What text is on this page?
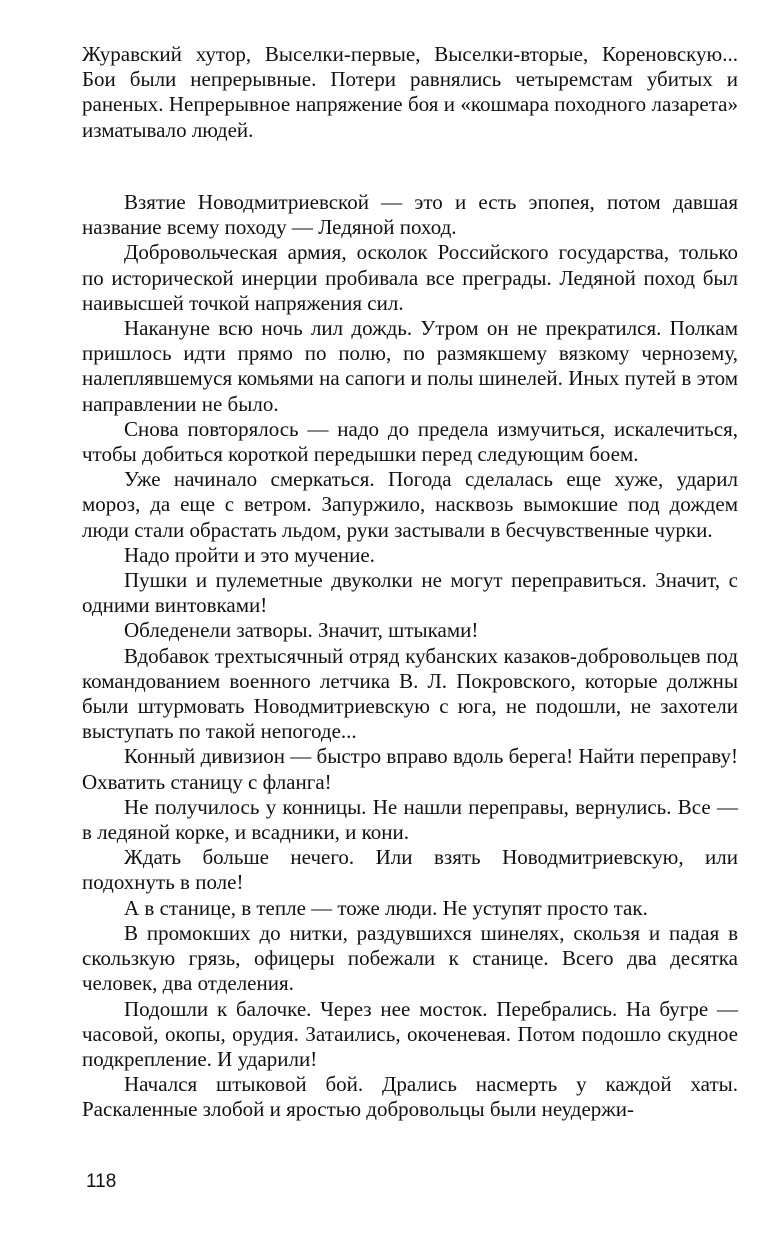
Журавский хутор, Выселки-первые, Выселки-вторые, Кореновскую... Бои были непрерывные. Потери равнялись четыремстам убитых и раненых. Непрерывное напряжение боя и «кошмара походного лазарета» изматывало людей.

Взятие Новодмитриевской — это и есть эпопея, потом давшая название всему походу — Ледяной поход.

Добровольческая армия, осколок Российского государства, только по исторической инерции пробивала все преграды. Ледяной поход был наивысшей точкой напряжения сил.

Накануне всю ночь лил дождь. Утром он не прекратился. Полкам пришлось идти прямо по полю, по размякшему вязкому чернозему, налеплявшемуся комьями на сапоги и полы шинелей. Иных путей в этом направлении не было.

Снова повторялось — надо до предела измучиться, искалечиться, чтобы добиться короткой передышки перед следующим боем.

Уже начинало смеркаться. Погода сделалась еще хуже, ударил мороз, да еще с ветром. Запуржило, насквозь вымокшие под дождем люди стали обрастать льдом, руки застывали в бесчувственные чурки.

Надо пройти и это мучение.

Пушки и пулеметные двуколки не могут переправиться. Значит, с одними винтовками!

Обледенели затворы. Значит, штыками!

Вдобавок трехтысячный отряд кубанских казаков-добровольцев под командованием военного летчика В. Л. Покровского, которые должны были штурмовать Новодмитриевскую с юга, не подошли, не захотели выступать по такой непогоде...

Конный дивизион — быстро вправо вдоль берега! Найти переправу! Охватить станицу с фланга!

Не получилось у конницы. Не нашли переправы, вернулись. Все — в ледяной корке, и всадники, и кони.

Ждать больше нечего. Или взять Новодмитриевскую, или подохнуть в поле!

А в станице, в тепле — тоже люди. Не уступят просто так.

В промокших до нитки, раздувшихся шинелях, скользя и падая в скользкую грязь, офицеры побежали к станице. Всего два десятка человек, два отделения.

Подошли к балочке. Через нее мосток. Перебрались. На бугре — часовой, окопы, орудия. Затаились, окоченевая. Потом подошло скудное подкрепление. И ударили!

Начался штыковой бой. Дрались насмерть у каждой хаты. Раскаленные злобой и яростью добровольцы были неудержи-

118
